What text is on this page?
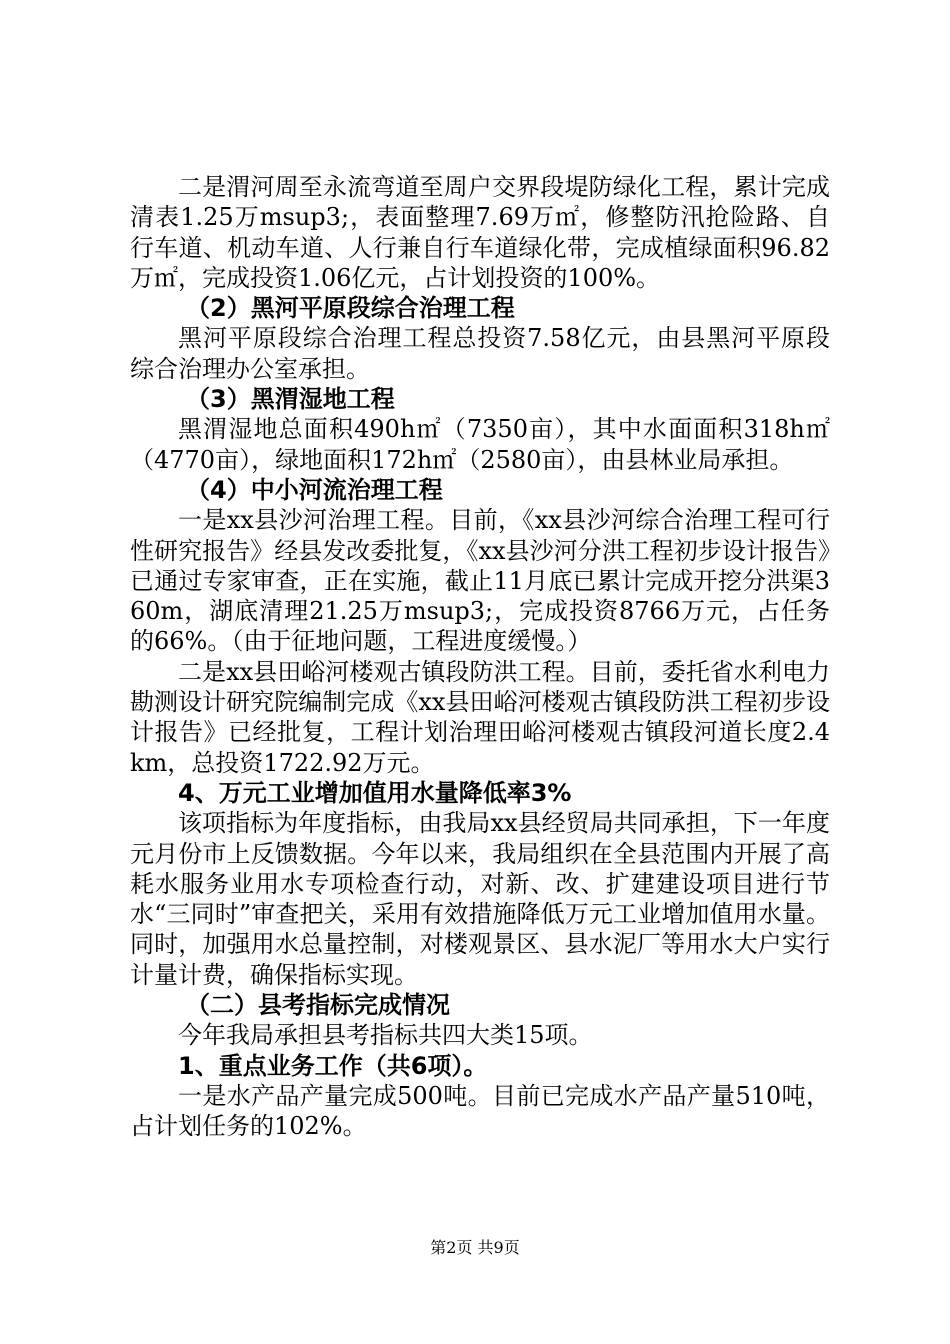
二是渭河周至永流弯道至周户交界段堤防绿化工程，累计完成清表1.25万msup3;，表面整理7.69万㎡，修整防汛抢险路、自行车道、机动车道、人行兼自行车道绿化带，完成植绿面积96.82万㎡，完成投资1.06亿元，占计划投资的100%。

（2）黑河平原段综合治理工程

黑河平原段综合治理工程总投资7.58亿元，由县黑河平原段综合治理办公室承担。

（3）黑渭湿地工程

黑渭湿地总面积490h㎡（7350亩），其中水面面积318h㎡（4770亩），绿地面积172h㎡（2580亩），由县林业局承担。

（4）中小河流治理工程

一是xx县沙河治理工程。目前，《xx县沙河综合治理工程可行性研究报告》经县发改委批复，《xx县沙河分洪工程初步设计报告》已通过专家审查，正在实施，截止11月底已累计完成开挖分洪渠360m，湖底清理21.25万msup3;，完成投资8766万元，占任务的66%。（由于征地问题，工程进度缓慢。）

二是xx县田峪河楼观古镇段防洪工程。目前，委托省水利电力勘测设计研究院编制完成《xx县田峪河楼观古镇段防洪工程初步设计报告》已经批复，工程计划治理田峪河楼观古镇段河道长度2.4km，总投资1722.92万元。

4、万元工业增加值用水量降低率3%

该项指标为年度指标，由我局xx县经贸局共同承担，下一年度元月份市上反馈数据。今年以来，我局组织在全县范围内开展了高耗水服务业用水专项检查行动，对新、改、扩建建设项目进行节水“三同时”审查把关，采用有效措施降低万元工业增加值用水量。同时，加强用水总量控制，对楼观景区、县水泥厂等用水大户实行计量计费，确保指标实现。

（二）县考指标完成情况

今年我局承担县考指标共四大类15项。

1、重点业务工作（共6项）。

一是水产品产量完成500吨。目前已完成水产品产量510吨，占计划任务的102%。

第2页 共9页
